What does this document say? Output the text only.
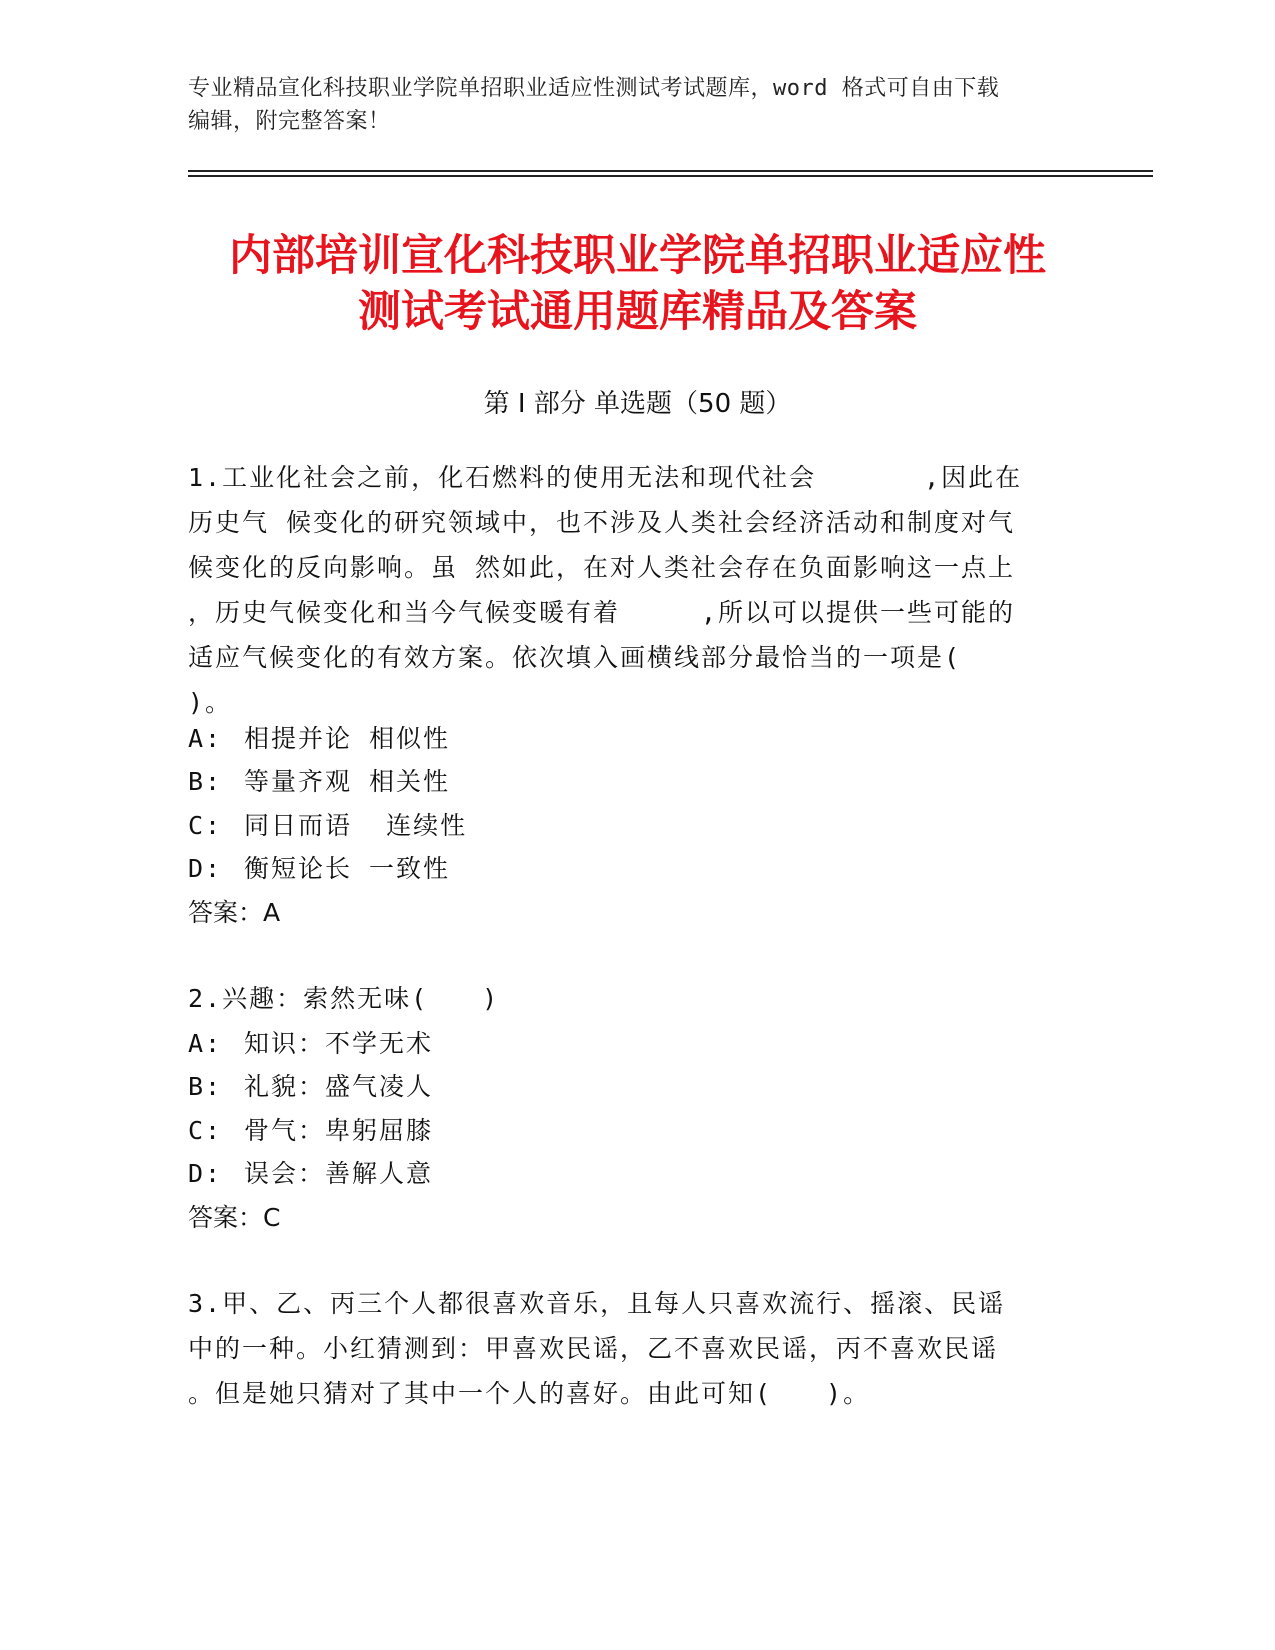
专业精品宣化科技职业学院单招职业适应性测试考试题库，word 格式可自由下载
编辑，附完整答案！
内部培训宣化科技职业学院单招职业适应性
测试考试通用题库精品及答案
第 I 部分 单选题（50 题）
1.工业化社会之前，化石燃料的使用无法和现代社会　　　　,因此在
历史气 候变化的研究领域中，也不涉及人类社会经济活动和制度对气
候变化的反向影响。虽 然如此，在对人类社会存在负面影响这一点上
，历史气候变化和当今气候变暖有着　　　,所以可以提供一些可能的
适应气候变化的有效方案。依次填入画横线部分最恰当的一项是(
)。
A: 相提并论 相似性
B: 等量齐观 相关性
C: 同日而语  连续性
D: 衡短论长 一致性
答案：A
2.兴趣：索然无味(　　)
A: 知识：不学无术
B: 礼貌：盛气凌人
C: 骨气：卑躬屈膝
D: 误会：善解人意
答案：C
3.甲、乙、丙三个人都很喜欢音乐，且每人只喜欢流行、摇滚、民谣
中的一种。小红猜测到：甲喜欢民谣，乙不喜欢民谣，丙不喜欢民谣
。但是她只猜对了其中一个人的喜好。由此可知(　　)。
